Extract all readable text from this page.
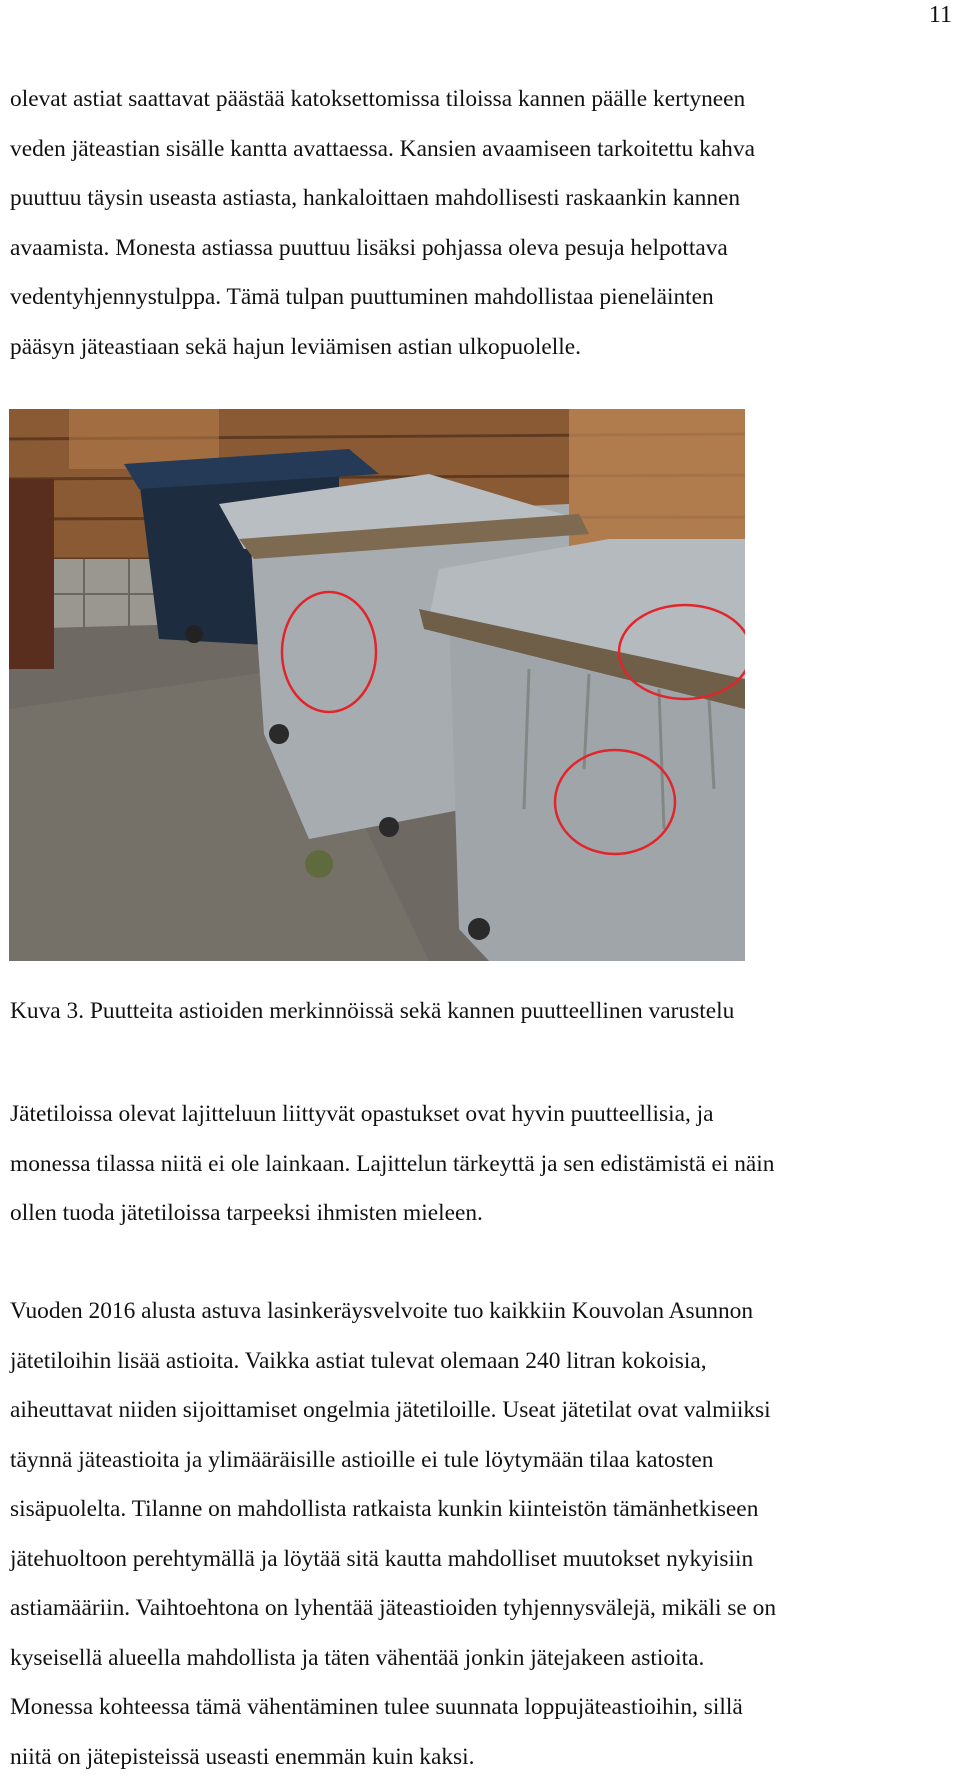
11

olevat astiat saattavat päästää katoksettomissa tiloissa kannen päälle kertyneen
veden jäteastian sisälle kantta avattaessa. Kansien avaamiseen tarkoitettu kahva
puuttuu täysin useasta astiasta, hankaloittaen mahdollisesti raskaankin kannen
avaamista. Monesta astiassa puuttuu lisäksi pohjassa oleva pesuja helpottava
vedentyhjennystulppa. Tämä tulpan puuttuminen mahdollistaa pieneläinten
pääsyn jäteastiaan sekä hajun leviämisen astian ulkopuolelle.

Kuva 3. Puutteita astioiden merkinnöissä sekä kannen puutteellinen varustelu

Jätetiloissa olevat lajitteluun liittyvät opastukset ovat hyvin puutteellisia, ja
monessa tilassa niitä ei ole lainkaan. Lajittelun tärkeyttä ja sen edistämistä ei näin
ollen tuoda jätetiloissa tarpeeksi ihmisten mieleen.

Vuoden 2016 alusta astuva lasinkeräysvelvoite tuo kaikkiin Kouvolan Asunnon
jätetiloihin lisää astioita. Vaikka astiat tulevat olemaan 240 litran kokoisia,
aiheuttavat niiden sijoittamiset ongelmia jätetiloille. Useat jätetilat ovat valmiiksi
täynnä jäteastioita ja ylimääräisille astioille ei tule löytymään tilaa katosten
sisäpuolelta. Tilanne on mahdollista ratkaista kunkin kiinteistön tämänhetkiseen
jätehuoltoon perehtymällä ja löytää sitä kautta mahdolliset muutokset nykyisiin
astiamääriin. Vaihtoehtona on lyhentää jäteastioiden tyhjennysvälejä, mikäli se on
kyseisellä alueella mahdollista ja täten vähentää jonkin jätejakeen astioita.
Monessa kohteessa tämä vähentäminen tulee suunnata loppujäteastioihin, sillä
niitä on jätepisteissä useasti enemmän kuin kaksi.
